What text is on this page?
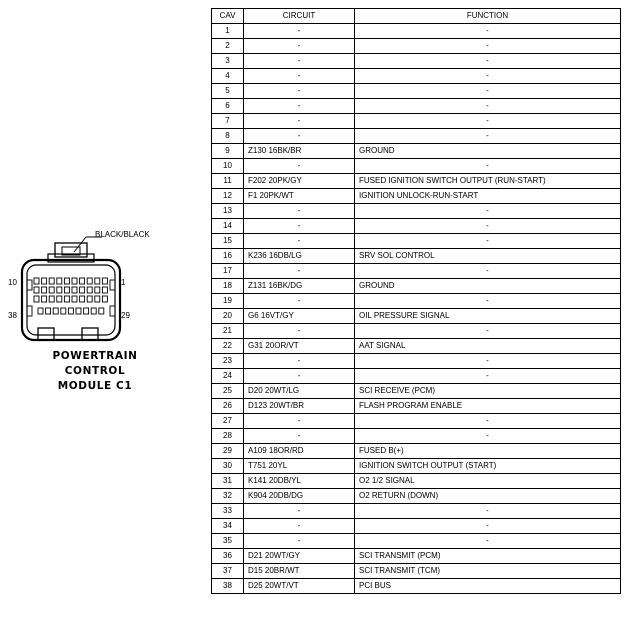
BLACK/BLACK
10	1
38	29
POWERTRAIN
CONTROL
MODULE C1
CAV	CIRCUIT	FUNCTION
1	-	-
2	-	-
3	-	-
4	-	-
5	-	-
6	-	-
7	-	-
8	-	-
9	Z130 16BK/BR	GROUND
10	-	-
11	F202 20PK/GY	FUSED IGNITION SWITCH OUTPUT (RUN-START)
12	F1 20PK/WT	IGNITION UNLOCK-RUN-START
13	-	-
14	-	-
15	-	-
16	K236 16DB/LG	SRV SOL CONTROL
17	-	-
18	Z131 16BK/DG	GROUND
19	-	-
20	G6 16VT/GY	OIL PRESSURE SIGNAL
21	-	-
22	G31 20OR/VT	AAT SIGNAL
23	-	-
24	-	-
25	D20 20WT/LG	SCI RECEIVE (PCM)
26	D123 20WT/BR	FLASH PROGRAM ENABLE
27	-	-
28	-	-
29	A109 18OR/RD	FUSED B(+)
30	T751 20YL	IGNITION SWITCH OUTPUT (START)
31	K141 20DB/YL	O2 1/2 SIGNAL
32	K904 20DB/DG	O2 RETURN (DOWN)
33	-	-
34	-	-
35	-	-
36	D21 20WT/GY	SCI TRANSMIT (PCM)
37	D15 20BR/WT	SCI TRANSMIT (TCM)
38	D25 20WT/VT	PCI BUS
